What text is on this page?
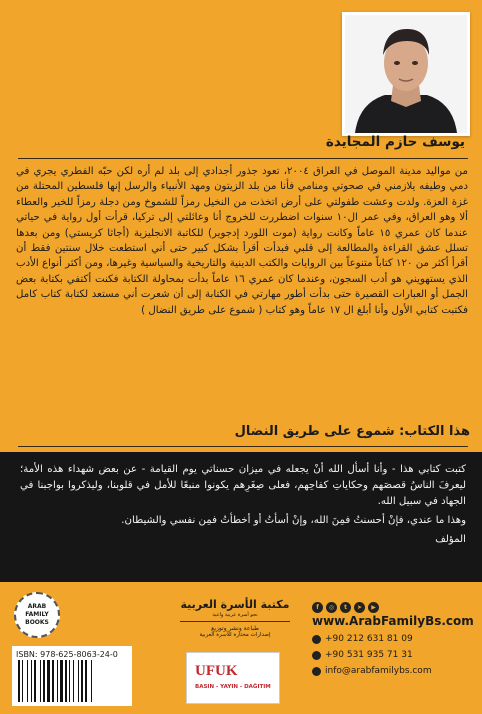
يوسف حازم المجايدة
من مواليد مدينة الموصل في العراق ٢٠٠٤، تعود جذور أجدادي إلى بلد لم أره لكن حبّه الفطري يجري في دمي وطيفه يلازمني في صحوتي ومنامي فأنا من بلد الزيتون ومهد الأنبياء والرسل إنها فلسطين المحتلة من غزة العزة. ولدت وعشت طفولتي على أرض اتخذت من النخيل رمزاً للشموخ ومن دجلة رمزاً للخير والعطاء ألا وهو العراق، وفي عمر ال١٠ سنوات اضطررت للخروج أنا وعائلتي إلى تركيا، قرأت أول رواية في حياتي عندما كان عمري ١٥ عاماً وكانت رواية (موت اللورد إدجوير) للكاتبة الانجليزية (أجاثا كريستي) ومن بعدها تسلل عشق القراءة والمطالعة إلى قلبي فبدأت أقرأ بشكل كبير حتى أني استطعت خلال سنتين فقط أن أقرأ أكثر من ١٢٠ كتاباً متنوعاً بين الروايات والكتب الدينية والتاريخية والسياسية وغيرها، ومن أكثر أنواع الأدب الذي يستهويني هو أدب السجون، وعندما كان عمري ١٦ عاماً بدأت بمحاولة الكتابة فكنت أكتفي بكتابة بعض الجمل أو العبارات القصيرة حتى بدأت أطور مهارتي في الكتابة إلى أن شعرت أني مستعد لكتابة كتاب كامل فكتبت كتابي الأول وأنا أبلغ ال ١٧ عاماً وهو كتاب ( شموع على طريق النضال )
هذا الكتاب: شموع على طريق النضال

كتبت كتابي هذا - وأنا أسأل الله أنْ يجعله في ميزان حسناتي يوم القيامة - عن بعض شهداء هذه الأمة؛ ليعرفَ الناسُ قصصَهم وحكاياتِ كفاحِهم، فعلى صِغَرِهم يكونوا منبعًا للأمل في قلوبنا، وليذكروا بواجبنا في الجهاد في سبيل الله.

وهذا ما عندي، فإنْ أحسنتُ فمِنَ الله، وإنْ أسأتُ أو أخطأتُ فمِن نفسي والشيطان.

المؤلف

ARAB FAMILY
BOOKS
ISBN: 978-625-8063-24-0
مكتبة الأسرة العربية
نحو أسرة عربية واعية
طباعة ونشر وتوزيع
إصدارات مختارة للأسرة العربية
UFUK
BASIN - YAYIN - DAĞITIM
f	◎	t	➤	▶
www.ArabFamilyBs.com
+90 212 631 81 09
+90 531 935 71 31
info@arabfamilybs.com
